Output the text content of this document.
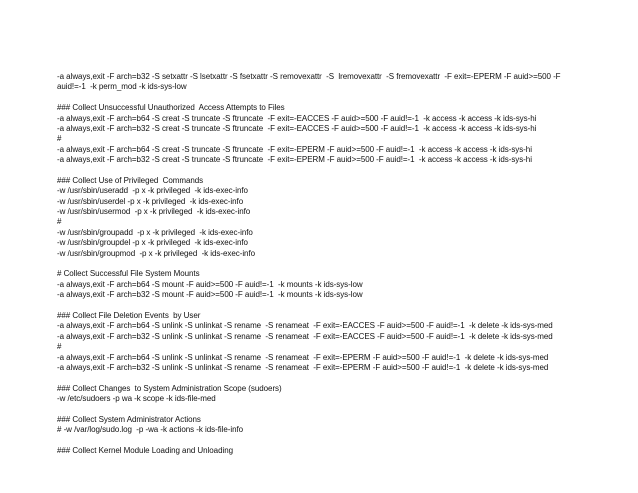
-a always,exit -F arch=b32 -S setxattr -S lsetxattr -S fsetxattr -S removexattr  -S  lremovexattr  -S fremovexattr  -F exit=-EPERM -F auid>=500 -F
auid!=-1  -k perm_mod -k ids-sys-low
### Collect Unsuccessful Unauthorized  Access Attempts to Files
-a always,exit -F arch=b64 -S creat -S truncate -S ftruncate  -F exit=-EACCES -F auid>=500 -F auid!=-1  -k access -k access -k ids-sys-hi
-a always,exit -F arch=b32 -S creat -S truncate -S ftruncate  -F exit=-EACCES -F auid>=500 -F auid!=-1  -k access -k access -k ids-sys-hi
#
-a always,exit -F arch=b64 -S creat -S truncate -S ftruncate  -F exit=-EPERM -F auid>=500 -F auid!=-1  -k access -k access -k ids-sys-hi
-a always,exit -F arch=b32 -S creat -S truncate -S ftruncate  -F exit=-EPERM -F auid>=500 -F auid!=-1  -k access -k access -k ids-sys-hi
### Collect Use of Privileged  Commands
-w /usr/sbin/useradd  -p x -k privileged  -k ids-exec-info
-w /usr/sbin/userdel -p x -k privileged  -k ids-exec-info
-w /usr/sbin/usermod  -p x -k privileged  -k ids-exec-info
#
-w /usr/sbin/groupadd  -p x -k privileged  -k ids-exec-info
-w /usr/sbin/groupdel -p x -k privileged  -k ids-exec-info
-w /usr/sbin/groupmod  -p x -k privileged  -k ids-exec-info
# Collect Successful File System Mounts
-a always,exit -F arch=b64 -S mount -F auid>=500 -F auid!=-1  -k mounts -k ids-sys-low
-a always,exit -F arch=b32 -S mount -F auid>=500 -F auid!=-1  -k mounts -k ids-sys-low
### Collect File Deletion Events  by User
-a always,exit -F arch=b64 -S unlink -S unlinkat -S rename  -S renameat  -F exit=-EACCES -F auid>=500 -F auid!=-1  -k delete -k ids-sys-med
-a always,exit -F arch=b32 -S unlink -S unlinkat -S rename  -S renameat  -F exit=-EACCES -F auid>=500 -F auid!=-1  -k delete -k ids-sys-med
#
-a always,exit -F arch=b64 -S unlink -S unlinkat -S rename  -S renameat  -F exit=-EPERM -F auid>=500 -F auid!=-1  -k delete -k ids-sys-med
-a always,exit -F arch=b32 -S unlink -S unlinkat -S rename  -S renameat  -F exit=-EPERM -F auid>=500 -F auid!=-1  -k delete -k ids-sys-med
### Collect Changes  to System Administration Scope (sudoers)
-w /etc/sudoers -p wa -k scope -k ids-file-med
### Collect System Administrator Actions
# -w /var/log/sudo.log  -p -wa -k actions -k ids-file-info
### Collect Kernel Module Loading and Unloading
